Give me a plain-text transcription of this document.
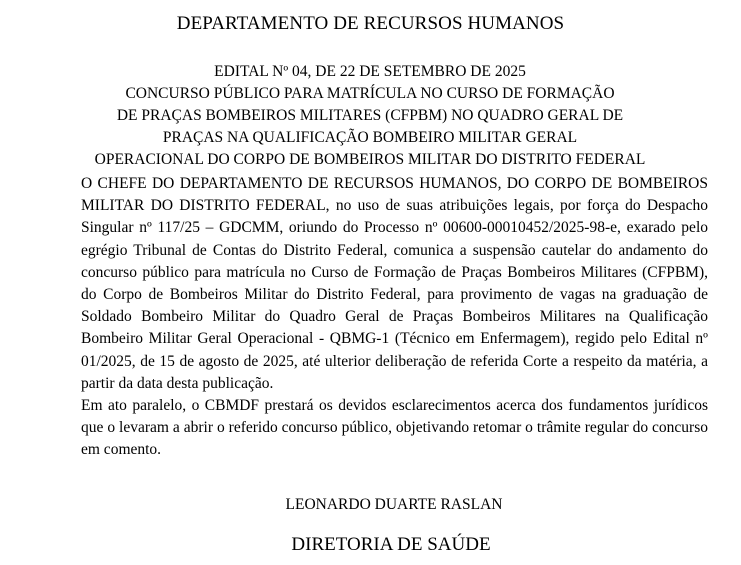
DEPARTAMENTO DE RECURSOS HUMANOS
EDITAL Nº 04, DE 22 DE SETEMBRO DE 2025
CONCURSO PÚBLICO PARA MATRÍCULA NO CURSO DE FORMAÇÃO
DE PRAÇAS BOMBEIROS MILITARES (CFPBM) NO QUADRO GERAL DE
PRAÇAS NA QUALIFICAÇÃO BOMBEIRO MILITAR GERAL
OPERACIONAL DO CORPO DE BOMBEIROS MILITAR DO DISTRITO FEDERAL

O CHEFE DO DEPARTAMENTO DE RECURSOS HUMANOS, DO CORPO DE BOMBEIROS MILITAR DO DISTRITO FEDERAL, no uso de suas atribuições legais, por força do Despacho Singular nº 117/25 – GDCMM, oriundo do Processo nº 00600-00010452/2025-98-e, exarado pelo egrégio Tribunal de Contas do Distrito Federal, comunica a suspensão cautelar do andamento do concurso público para matrícula no Curso de Formação de Praças Bombeiros Militares (CFPBM), do Corpo de Bombeiros Militar do Distrito Federal, para provimento de vagas na graduação de Soldado Bombeiro Militar do Quadro Geral de Praças Bombeiros Militares na Qualificação Bombeiro Militar Geral Operacional - QBMG-1 (Técnico em Enfermagem), regido pelo Edital nº 01/2025, de 15 de agosto de 2025, até ulterior deliberação de referida Corte a respeito da matéria, a partir da data desta publicação.

Em ato paralelo, o CBMDF prestará os devidos esclarecimentos acerca dos fundamentos jurídicos que o levaram a abrir o referido concurso público, objetivando retomar o trâmite regular do concurso em comento.

LEONARDO DUARTE RASLAN
DIRETORIA DE SAÚDE
